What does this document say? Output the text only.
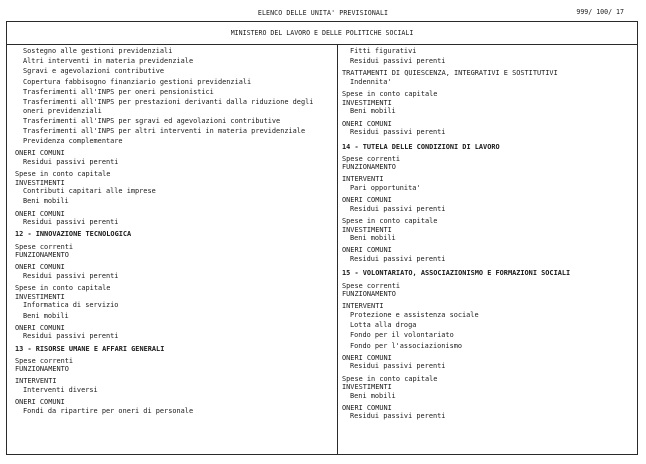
ELENCO DELLE UNITA' PREVISIONALI	999/ 100/ 17
MINISTERO DEL LAVORO E DELLE POLITICHE SOCIALI
Sostegno alle gestioni previdenziali
Altri interventi in materia previdenziale
Sgravi e agevolazioni contributive
Copertura fabbisogno finanziario gestioni previdenziali
Trasferimenti all'INPS per oneri pensionistici
Trasferimenti all'INPS per prestazioni derivanti dalla riduzione degli oneri previdenziali
Trasferimenti all'INPS per sgravi ed agevolazioni contributive
Trasferimenti all'INPS per altri interventi in materia previdenziale
Previdenza complementare
ONERI COMUNI
Residui passivi perenti
Spese in conto capitale
INVESTIMENTI
Contributi capitari alle imprese
Beni mobili
ONERI COMUNI
Residui passivi perenti
12 - INNOVAZIONE TECNOLOGICA
Spese correnti
FUNZIONAMENTO
ONERI COMUNI
Residui passivi perenti
Spese in conto capitale
INVESTIMENTI
Informatica di servizio
Beni mobili
ONERI COMUNI
Residui passivi perenti
13 - RISORSE UMANE E AFFARI GENERALI
Spese correnti
FUNZIONAMENTO
INTERVENTI
Interventi diversi
ONERI COMUNI
Fondi da ripartire per oneri di personale
Fitti figurativi
Residui passivi perenti
TRATTAMENTI DI QUIESCENZA, INTEGRATIVI E SOSTITUTIVI
Indennita'
Spese in conto capitale
INVESTIMENTI
Beni mobili
ONERI COMUNI
Residui passivi perenti
14 - TUTELA DELLE CONDIZIONI DI LAVORO
Spese correnti
FUNZIONAMENTO
INTERVENTI
Pari opportunita'
ONERI COMUNI
Residui passivi perenti
Spese in conto capitale
INVESTIMENTI
Beni mobili
ONERI COMUNI
Residui passivi perenti
15 - VOLONTARIATO, ASSOCIAZIONISMO E FORMAZIONI SOCIALI
Spese correnti
FUNZIONAMENTO
INTERVENTI
Protezione e assistenza sociale
Lotta alla droga
Fondo per il volontariato
Fondo per l'associazionismo
ONERI COMUNI
Residui passivi perenti
Spese in conto capitale
INVESTIMENTI
Beni mobili
ONERI COMUNI
Residui passivi perenti
